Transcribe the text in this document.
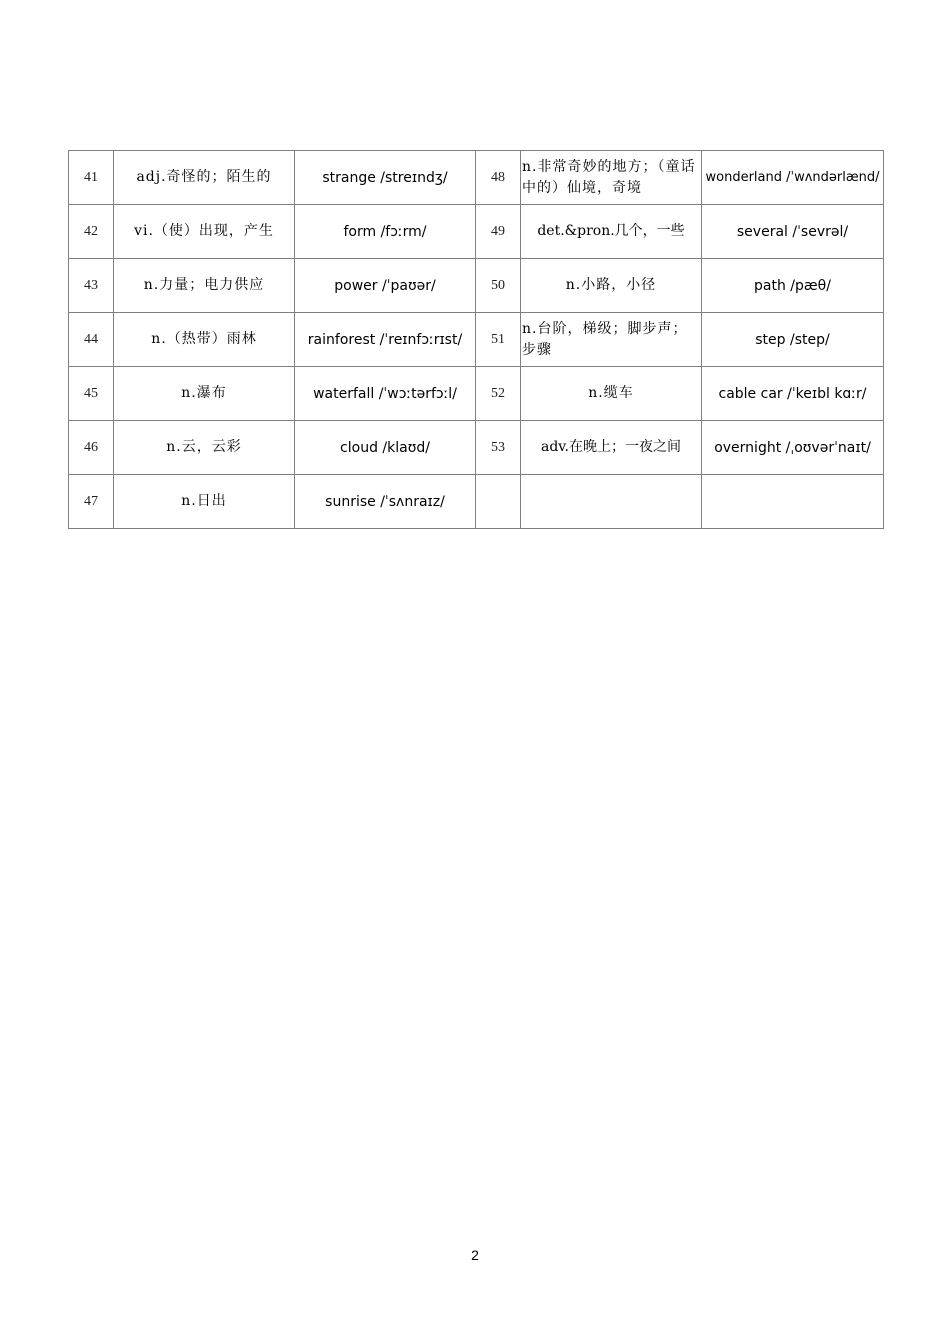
41	adj.奇怪的；陌生的	strange /streɪndʒ/	48	n.非常奇妙的地方；（童话中的）仙境，奇境	wonderland /ˈwʌndərlænd/
42	vi.（使）出现，产生	form /fɔːrm/	49	det.&pron.几个，一些	several /ˈsevrəl/
43	n.力量；电力供应	power /ˈpaʊər/	50	n.小路，小径	path /pæθ/
44	n.（热带）雨林	rainforest /ˈreɪnfɔːrɪst/	51	n.台阶，梯级；脚步声；步骤	step /step/
45	n.瀑布	waterfall /ˈwɔːtərfɔːl/	52	n.缆车	cable car /ˈkeɪbl kɑːr/
46	n.云，云彩	cloud /klaʊd/	53	adv.在晚上；一夜之间	overnight /ˌoʊvərˈnaɪt/
47	n.日出	sunrise /ˈsʌnraɪz/			
2
